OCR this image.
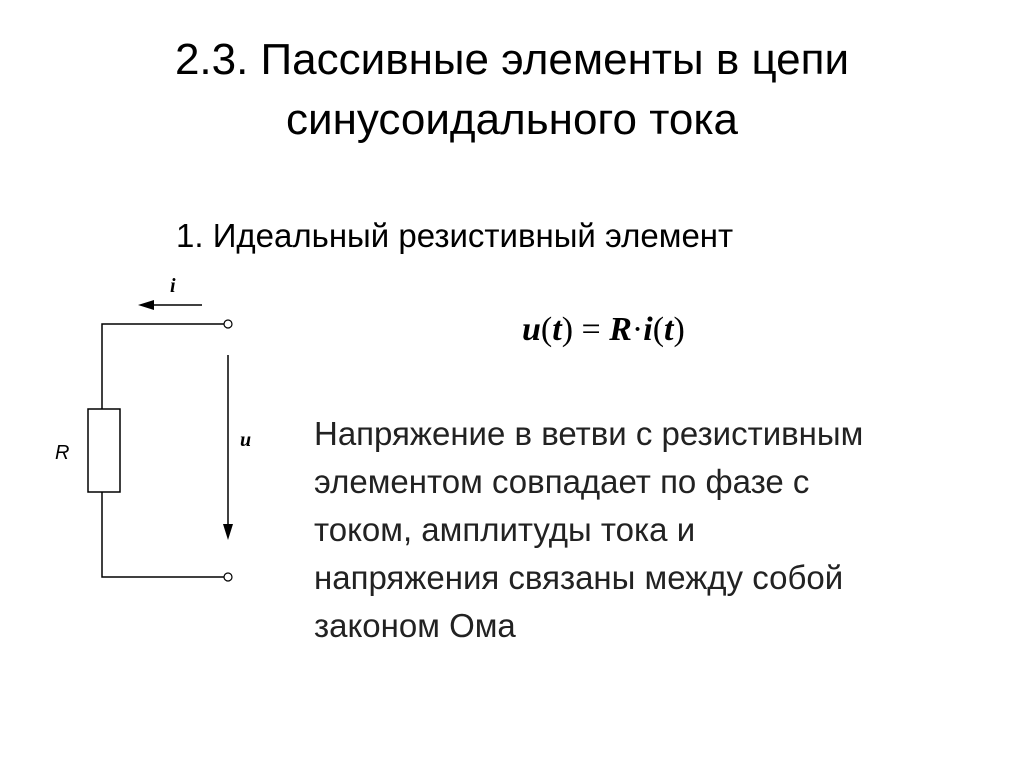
2.3. Пассивные элементы в цепи
синусоидального тока
1. Идеальный резистивный элемент
i
R
u
u(t) = R·i(t)
Напряжение в ветви с резистивным
элементом совпадает по фазе с
током, амплитуды тока и
напряжения связаны между собой
законом Ома
